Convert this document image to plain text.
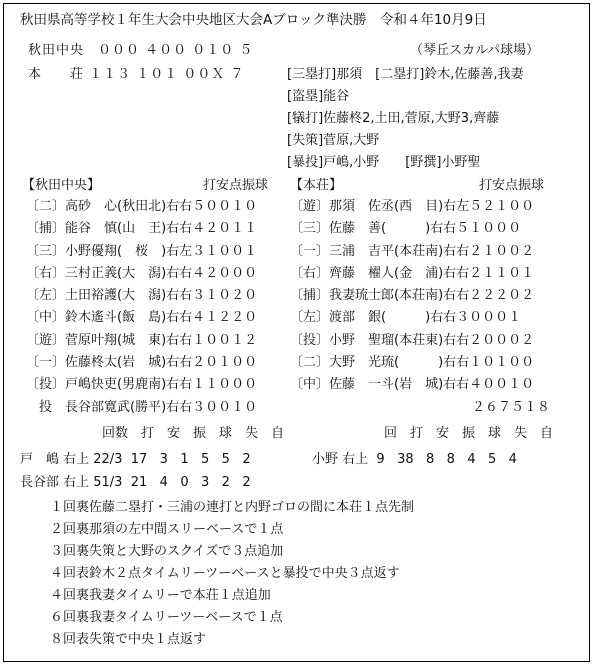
秋田県高等学校１年生大会中央地区大会Aブロック準決勝　令和４年10月9日
秋田中央　０００ ４００ ０１０ ５
本　　荘 １１３ １０１ ００Ｘ ７
（琴丘スカルパ球場）
[三塁打]那須　[二塁打]鈴木,佐藤善,我妻
[盗塁]能谷
[犠打]佐藤柊2,土田,菅原,大野3,齊藤
[失策]菅原,大野
[暴投]戸嶋,小野　　[野撰]小野聖
【秋田中央】	打安点振球 【本荘】	打安点振球
〔二〕高砂　心(秋田北)右右５００１０
〔捕〕能谷　慎(山　王)右右４２０１１
〔三〕小野優翔(　桜　)右左３１００１
〔右〕三村正義(大　潟)右右４２０００
〔左〕土田裕護(大　潟)右右３１０２０
〔中〕鈴木遙斗(飯　島)右右４１２２０
〔遊〕菅原叶翔(城　東)右右１００１２
〔一〕佐藤柊太(岩　城)右右２０１００
〔投〕戸嶋快吏(男鹿南)右右１１０００
　投　長谷部寛武(勝平)右右３００１０
〔遊〕那須　佐丞(西　目)右左５２１００
〔三〕佐藤　善(　　　)右右５１０００
〔一〕三浦　吉平(本荘南)右右２１００２
〔右〕齊藤　櫂人(金　浦)右右２１１０１
〔捕〕我妻琉士郎(本荘南)右右２２２０２
〔左〕渡部　銀(　　　)右右３０００１
〔投〕小野　聖瑠(本荘東)右右２０００２
〔二〕大野　光琉(　　　)右右１０１００
〔中〕佐藤　一斗(岩　城)右右４００１０
　　　　　　　　　　　　　　２６７５１８
回数　打　安　振　球　失　自	回　打　安　振　球　失　自
戸　嶋 右上 22/3  17   3   1   5   5   2
長谷部 右上 51/3  21   4   0   3   2   2
小野 右上  9   38   8   8   4   5   4
１回裏佐藤二塁打・三浦の連打と内野ゴロの間に本荘１点先制
２回裏那須の左中間スリーベースで１点
３回裏失策と大野のスクイズで３点追加
４回表鈴木２点タイムリーツーベースと暴投で中央３点返す
４回裏我妻タイムリーで本荘１点追加
６回裏我妻タイムリーツーベースで１点
８回表失策で中央１点返す
